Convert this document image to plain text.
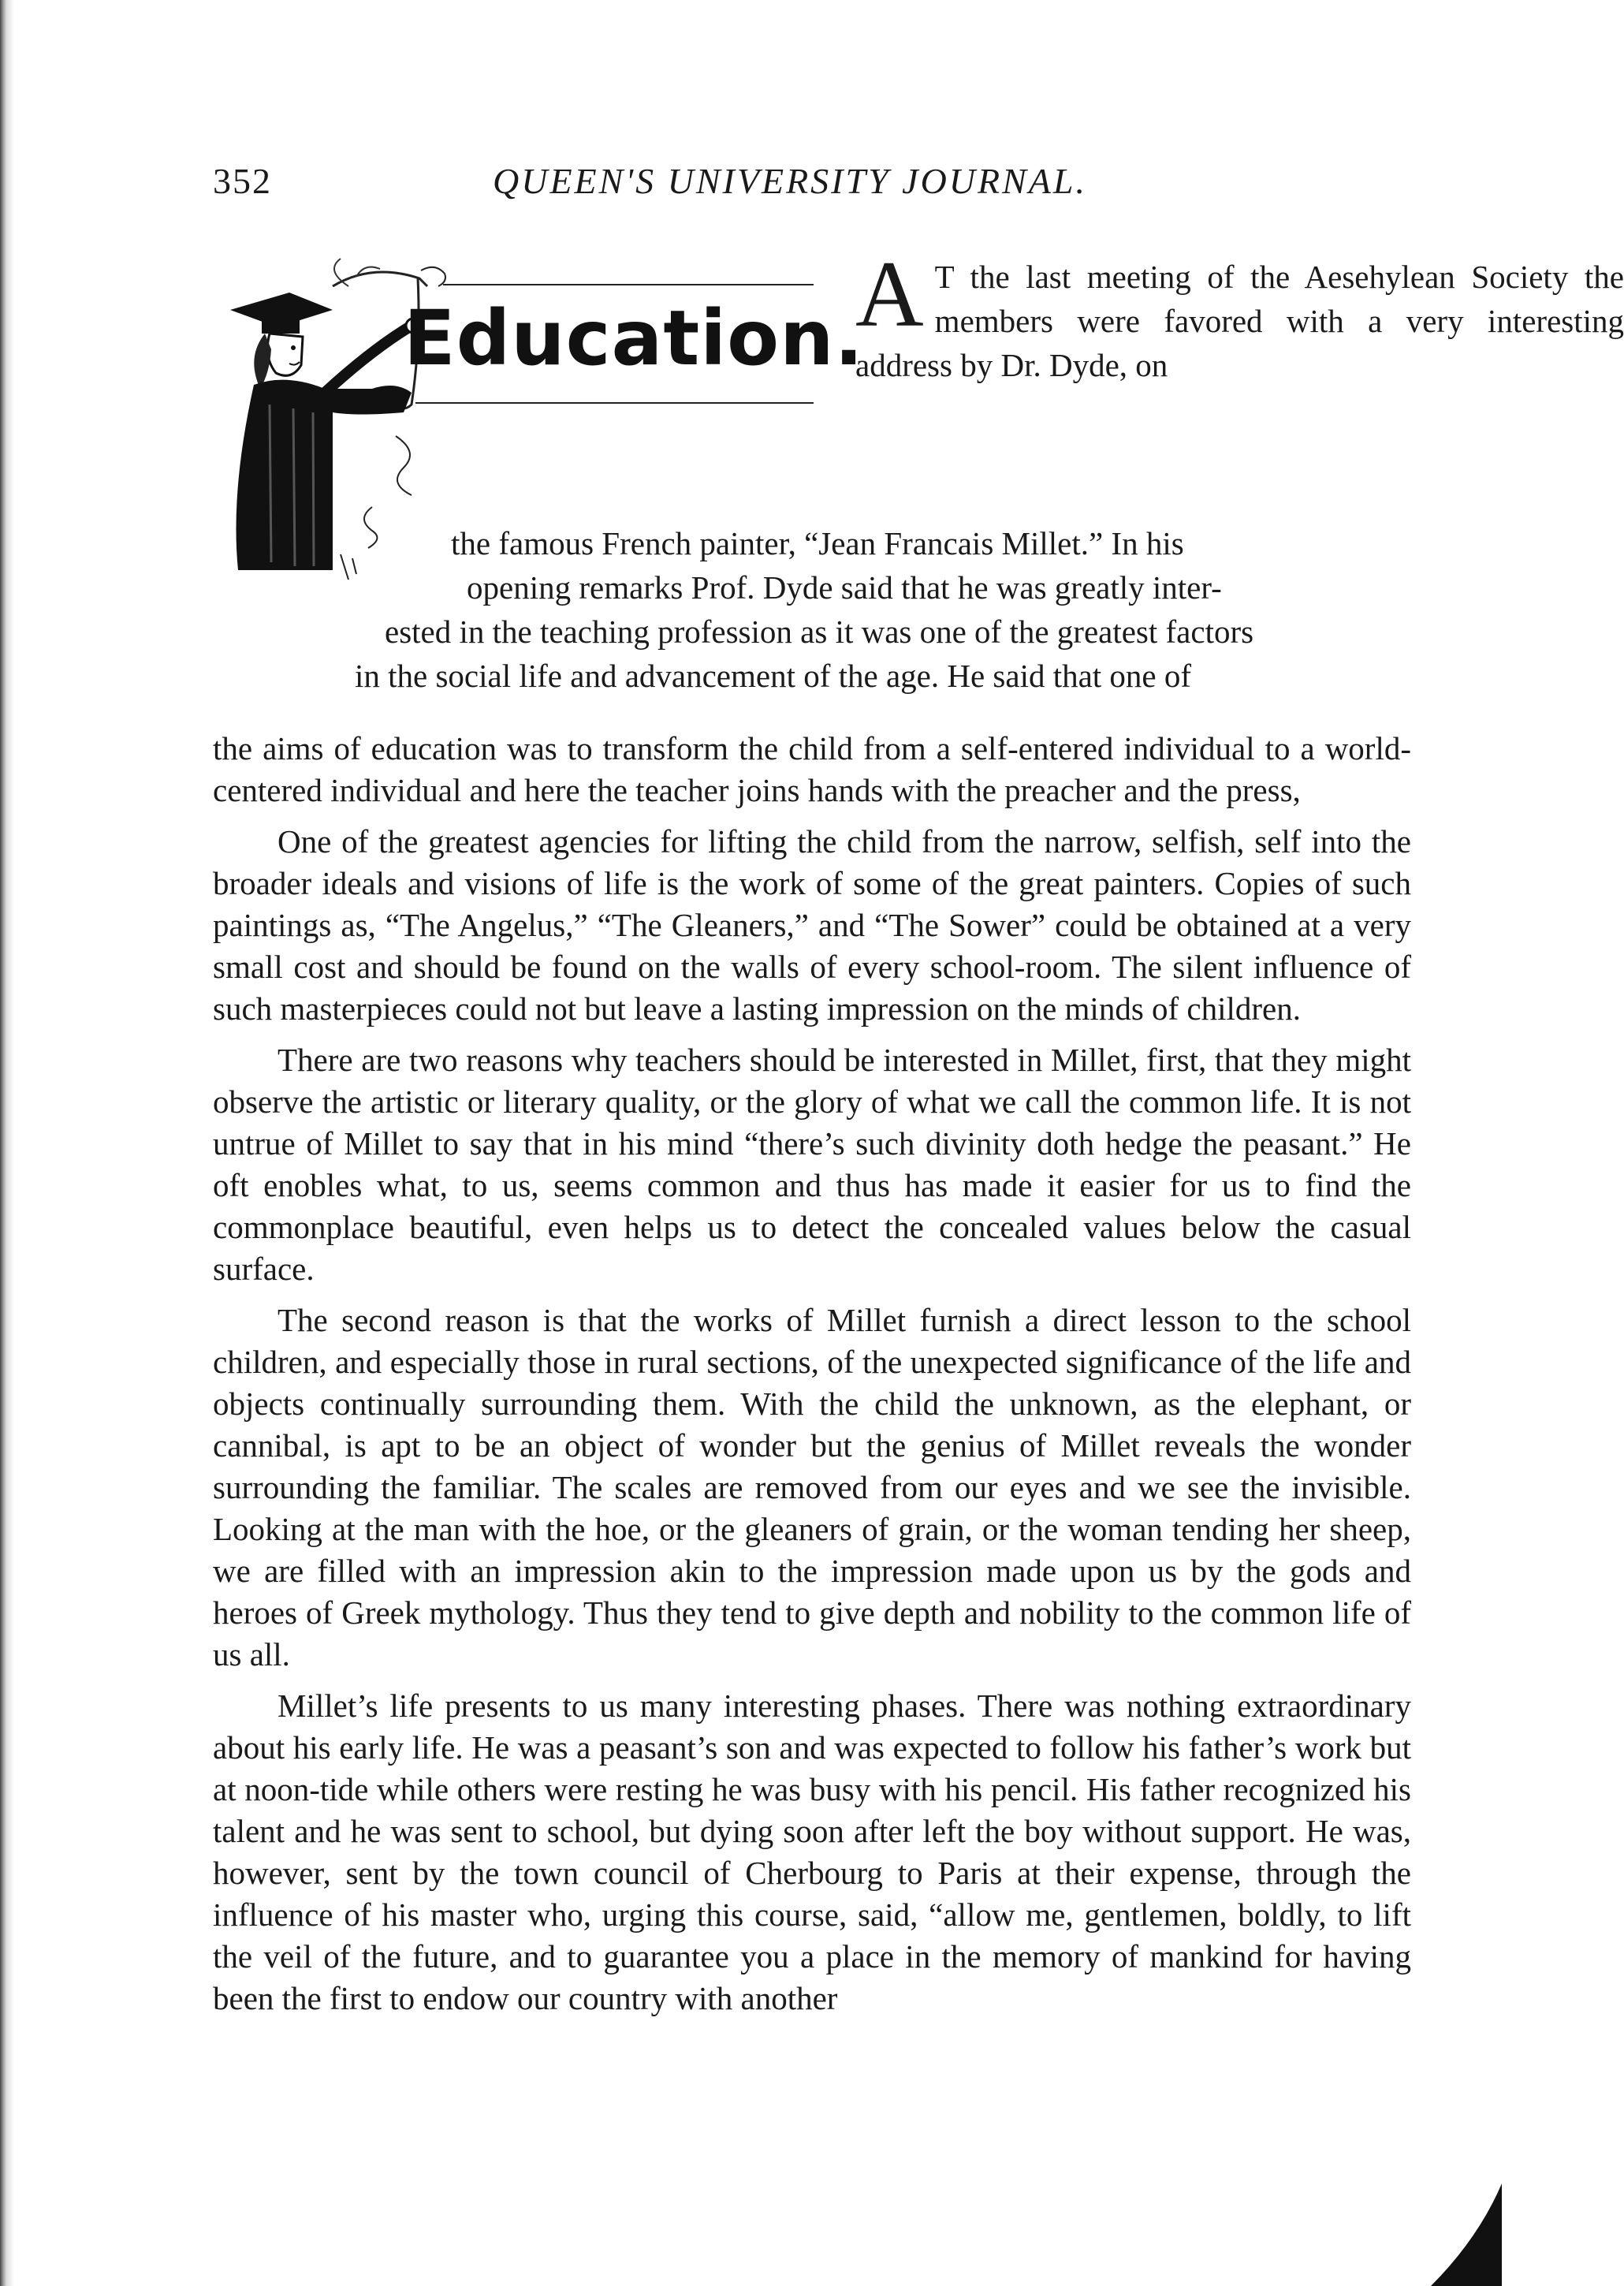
352	QUEEN'S UNIVERSITY JOURNAL.
Education.
A T the last meeting of the Aesehylean Society the members were favored with a very interesting address by Dr. Dyde, on
the famous French painter, “Jean Francais Millet.” In his
opening remarks Prof. Dyde said that he was greatly inter-
ested in the teaching profession as it was one of the greatest factors
in the social life and advancement of the age. He said that one of

the aims of education was to transform the child from a self-entered individual to a world-centered individual and here the teacher joins hands with the preacher and the press,

One of the greatest agencies for lifting the child from the narrow, selfish, self into the broader ideals and visions of life is the work of some of the great painters. Copies of such paintings as, “The Angelus,” “The Gleaners,” and “The Sower” could be obtained at a very small cost and should be found on the walls of every school-room. The silent influence of such masterpieces could not but leave a lasting impression on the minds of children.

There are two reasons why teachers should be interested in Millet, first, that they might observe the artistic or literary quality, or the glory of what we call the common life. It is not untrue of Millet to say that in his mind “there’s such divinity doth hedge the peasant.” He oft enobles what, to us, seems common and thus has made it easier for us to find the commonplace beautiful, even helps us to detect the concealed values below the casual surface.

The second reason is that the works of Millet furnish a direct lesson to the school children, and especially those in rural sections, of the unexpected significance of the life and objects continually surrounding them. With the child the unknown, as the elephant, or cannibal, is apt to be an object of wonder but the genius of Millet reveals the wonder surrounding the familiar. The scales are removed from our eyes and we see the invisible. Looking at the man with the hoe, or the gleaners of grain, or the woman tending her sheep, we are filled with an impression akin to the impression made upon us by the gods and heroes of Greek mythology. Thus they tend to give depth and nobility to the common life of us all.

Millet’s life presents to us many interesting phases. There was nothing extraordinary about his early life. He was a peasant’s son and was expected to follow his father’s work but at noon-tide while others were resting he was busy with his pencil. His father recognized his talent and he was sent to school, but dying soon after left the boy without support. He was, however, sent by the town council of Cherbourg to Paris at their expense, through the influence of his master who, urging this course, said, “allow me, gentlemen, boldly, to lift the veil of the future, and to guarantee you a place in the memory of mankind for having been the first to endow our country with another
